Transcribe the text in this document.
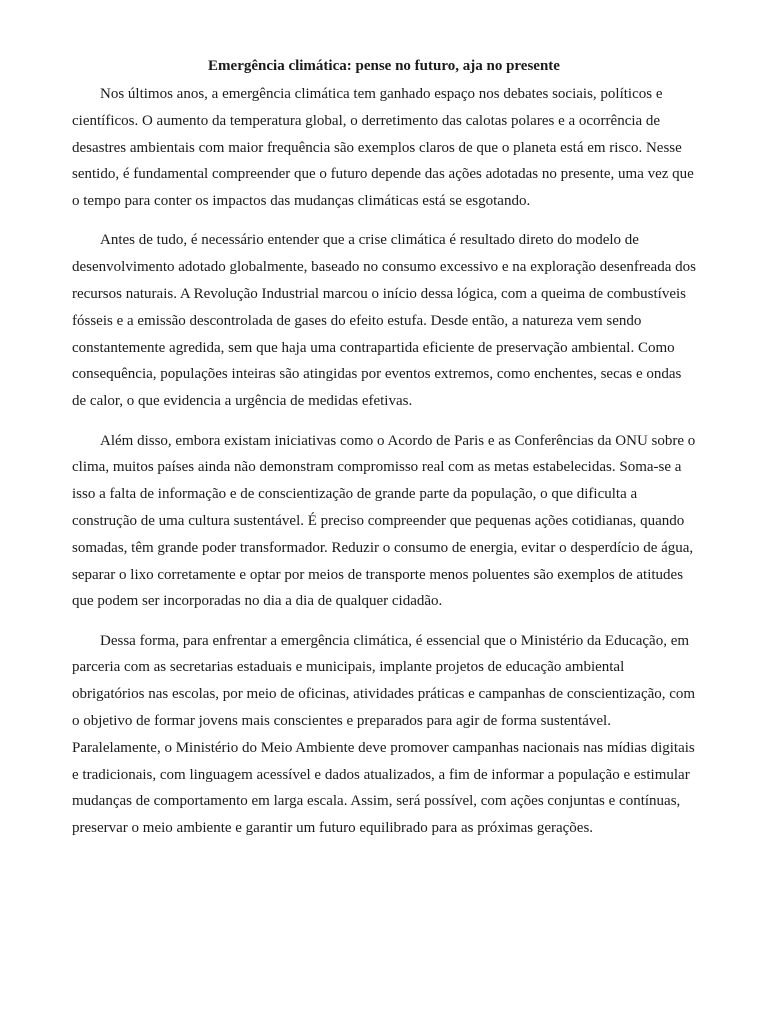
Emergência climática: pense no futuro, aja no presente

Nos últimos anos, a emergência climática tem ganhado espaço nos debates sociais, políticos e científicos. O aumento da temperatura global, o derretimento das calotas polares e a ocorrência de desastres ambientais com maior frequência são exemplos claros de que o planeta está em risco. Nesse sentido, é fundamental compreender que o futuro depende das ações adotadas no presente, uma vez que o tempo para conter os impactos das mudanças climáticas está se esgotando.

Antes de tudo, é necessário entender que a crise climática é resultado direto do modelo de desenvolvimento adotado globalmente, baseado no consumo excessivo e na exploração desenfreada dos recursos naturais. A Revolução Industrial marcou o início dessa lógica, com a queima de combustíveis fósseis e a emissão descontrolada de gases do efeito estufa. Desde então, a natureza vem sendo constantemente agredida, sem que haja uma contrapartida eficiente de preservação ambiental. Como consequência, populações inteiras são atingidas por eventos extremos, como enchentes, secas e ondas de calor, o que evidencia a urgência de medidas efetivas.

Além disso, embora existam iniciativas como o Acordo de Paris e as Conferências da ONU sobre o clima, muitos países ainda não demonstram compromisso real com as metas estabelecidas. Soma-se a isso a falta de informação e de conscientização de grande parte da população, o que dificulta a construção de uma cultura sustentável. É preciso compreender que pequenas ações cotidianas, quando somadas, têm grande poder transformador. Reduzir o consumo de energia, evitar o desperdício de água, separar o lixo corretamente e optar por meios de transporte menos poluentes são exemplos de atitudes que podem ser incorporadas no dia a dia de qualquer cidadão.

Dessa forma, para enfrentar a emergência climática, é essencial que o Ministério da Educação, em parceria com as secretarias estaduais e municipais, implante projetos de educação ambiental obrigatórios nas escolas, por meio de oficinas, atividades práticas e campanhas de conscientização, com o objetivo de formar jovens mais conscientes e preparados para agir de forma sustentável. Paralelamente, o Ministério do Meio Ambiente deve promover campanhas nacionais nas mídias digitais e tradicionais, com linguagem acessível e dados atualizados, a fim de informar a população e estimular mudanças de comportamento em larga escala. Assim, será possível, com ações conjuntas e contínuas, preservar o meio ambiente e garantir um futuro equilibrado para as próximas gerações.
